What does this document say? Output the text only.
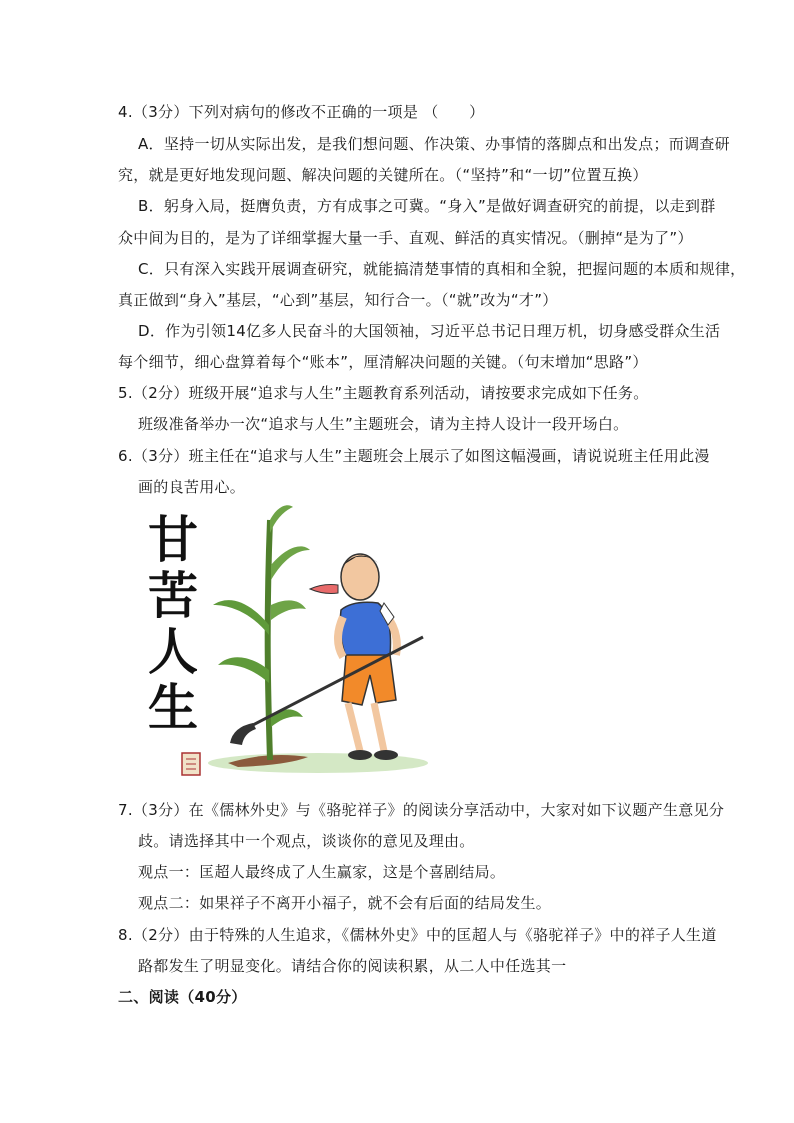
4.（3分）下列对病句的修改不正确的一项是 （　　）
A．坚持一切从实际出发，是我们想问题、作决策、办事情的落脚点和出发点；而调查研
究，就是更好地发现问题、解决问题的关键所在。（“坚持”和“一切”位置互换）
B．躬身入局，挺膺负责，方有成事之可冀。“身入”是做好调查研究的前提，以走到群
众中间为目的，是为了详细掌握大量一手、直观、鲜活的真实情况。（删掉“是为了”）
C．只有深入实践开展调查研究，就能搞清楚事情的真相和全貌，把握问题的本质和规律，
真正做到“身入”基层，“心到”基层，知行合一。（“就”改为“才”）
D．作为引领14亿多人民奋斗的大国领袖，习近平总书记日理万机，切身感受群众生活
每个细节，细心盘算着每个“账本”，厘清解决问题的关键。（句末增加“思路”）
5.（2分）班级开展“追求与人生”主题教育系列活动，请按要求完成如下任务。
班级准备举办一次“追求与人生”主题班会，请为主持人设计一段开场白。
6.（3分）班主任在“追求与人生”主题班会上展示了如图这幅漫画，请说说班主任用此漫
画的良苦用心。
甘 苦 人 生
7.（3分）在《儒林外史》与《骆驼祥子》的阅读分享活动中，大家对如下议题产生意见分
歧。请选择其中一个观点，谈谈你的意见及理由。
观点一：匡超人最终成了人生赢家，这是个喜剧结局。
观点二：如果祥子不离开小福子，就不会有后面的结局发生。
8.（2分）由于特殊的人生追求，《儒林外史》中的匡超人与《骆驼祥子》中的祥子人生道
路都发生了明显变化。请结合你的阅读积累，从二人中任选其一
二、阅读（40分）
